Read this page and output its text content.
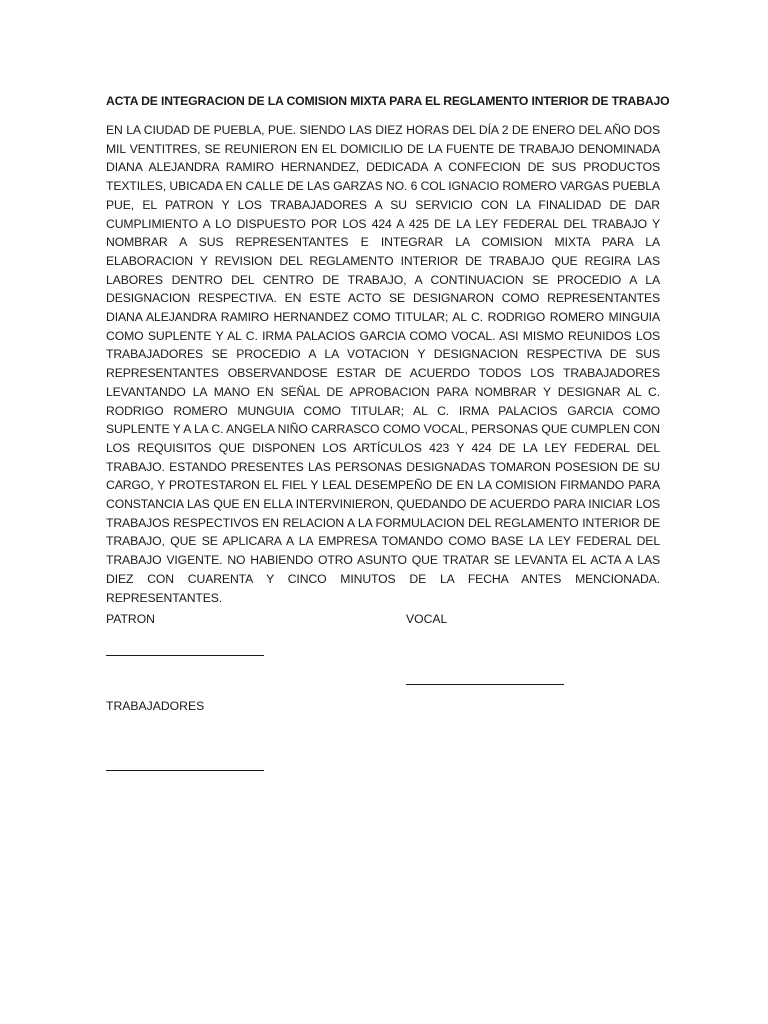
ACTA DE INTEGRACION DE LA COMISION MIXTA PARA EL REGLAMENTO INTERIOR DE TRABAJO

EN LA CIUDAD DE PUEBLA, PUE. SIENDO LAS DIEZ HORAS DEL DÍA 2 DE ENERO DEL AÑO DOS MIL VENTITRES, SE REUNIERON EN EL DOMICILIO DE LA FUENTE DE TRABAJO DENOMINADA DIANA ALEJANDRA RAMIRO HERNANDEZ, DEDICADA A CONFECION DE SUS PRODUCTOS TEXTILES, UBICADA EN CALLE DE LAS GARZAS NO. 6 COL IGNACIO ROMERO VARGAS PUEBLA PUE, EL PATRON Y LOS TRABAJADORES A SU SERVICIO CON LA FINALIDAD DE DAR CUMPLIMIENTO A LO DISPUESTO POR LOS 424 A 425 DE LA LEY FEDERAL DEL TRABAJO Y NOMBRAR A SUS REPRESENTANTES E INTEGRAR LA COMISION MIXTA PARA LA ELABORACION Y REVISION DEL REGLAMENTO INTERIOR DE TRABAJO QUE REGIRA LAS LABORES DENTRO DEL CENTRO DE TRABAJO, A CONTINUACION SE PROCEDIO A LA DESIGNACION RESPECTIVA. EN ESTE ACTO SE DESIGNARON COMO REPRESENTANTES DIANA ALEJANDRA RAMIRO HERNANDEZ COMO TITULAR; AL C. RODRIGO ROMERO MINGUIA COMO SUPLENTE Y AL C. IRMA PALACIOS GARCIA COMO VOCAL. ASI MISMO REUNIDOS LOS TRABAJADORES SE PROCEDIO A LA VOTACION Y DESIGNACION RESPECTIVA DE SUS REPRESENTANTES OBSERVANDOSE ESTAR DE ACUERDO TODOS LOS TRABAJADORES LEVANTANDO LA MANO EN SEÑAL DE APROBACION PARA NOMBRAR Y DESIGNAR AL C. RODRIGO ROMERO MUNGUIA COMO TITULAR; AL C. IRMA PALACIOS GARCIA COMO SUPLENTE Y A LA C. ANGELA NIÑO CARRASCO COMO VOCAL, PERSONAS QUE CUMPLEN CON LOS REQUISITOS QUE DISPONEN LOS ARTÍCULOS 423 Y 424 DE LA LEY FEDERAL DEL TRABAJO. ESTANDO PRESENTES LAS PERSONAS DESIGNADAS TOMARON POSESION DE SU CARGO, Y PROTESTARON EL FIEL Y LEAL DESEMPEÑO DE EN LA COMISION FIRMANDO PARA CONSTANCIA LAS QUE EN ELLA INTERVINIERON, QUEDANDO DE ACUERDO PARA INICIAR LOS TRABAJOS RESPECTIVOS EN RELACION A LA FORMULACION DEL REGLAMENTO INTERIOR DE TRABAJO, QUE SE APLICARA A LA EMPRESA TOMANDO COMO BASE LA LEY FEDERAL DEL TRABAJO VIGENTE. NO HABIENDO OTRO ASUNTO QUE TRATAR SE LEVANTA EL ACTA A LAS DIEZ CON CUARENTA Y CINCO MINUTOS DE LA FECHA ANTES MENCIONADA. REPRESENTANTES.

PATRON	VOCAL
TRABAJADORES
